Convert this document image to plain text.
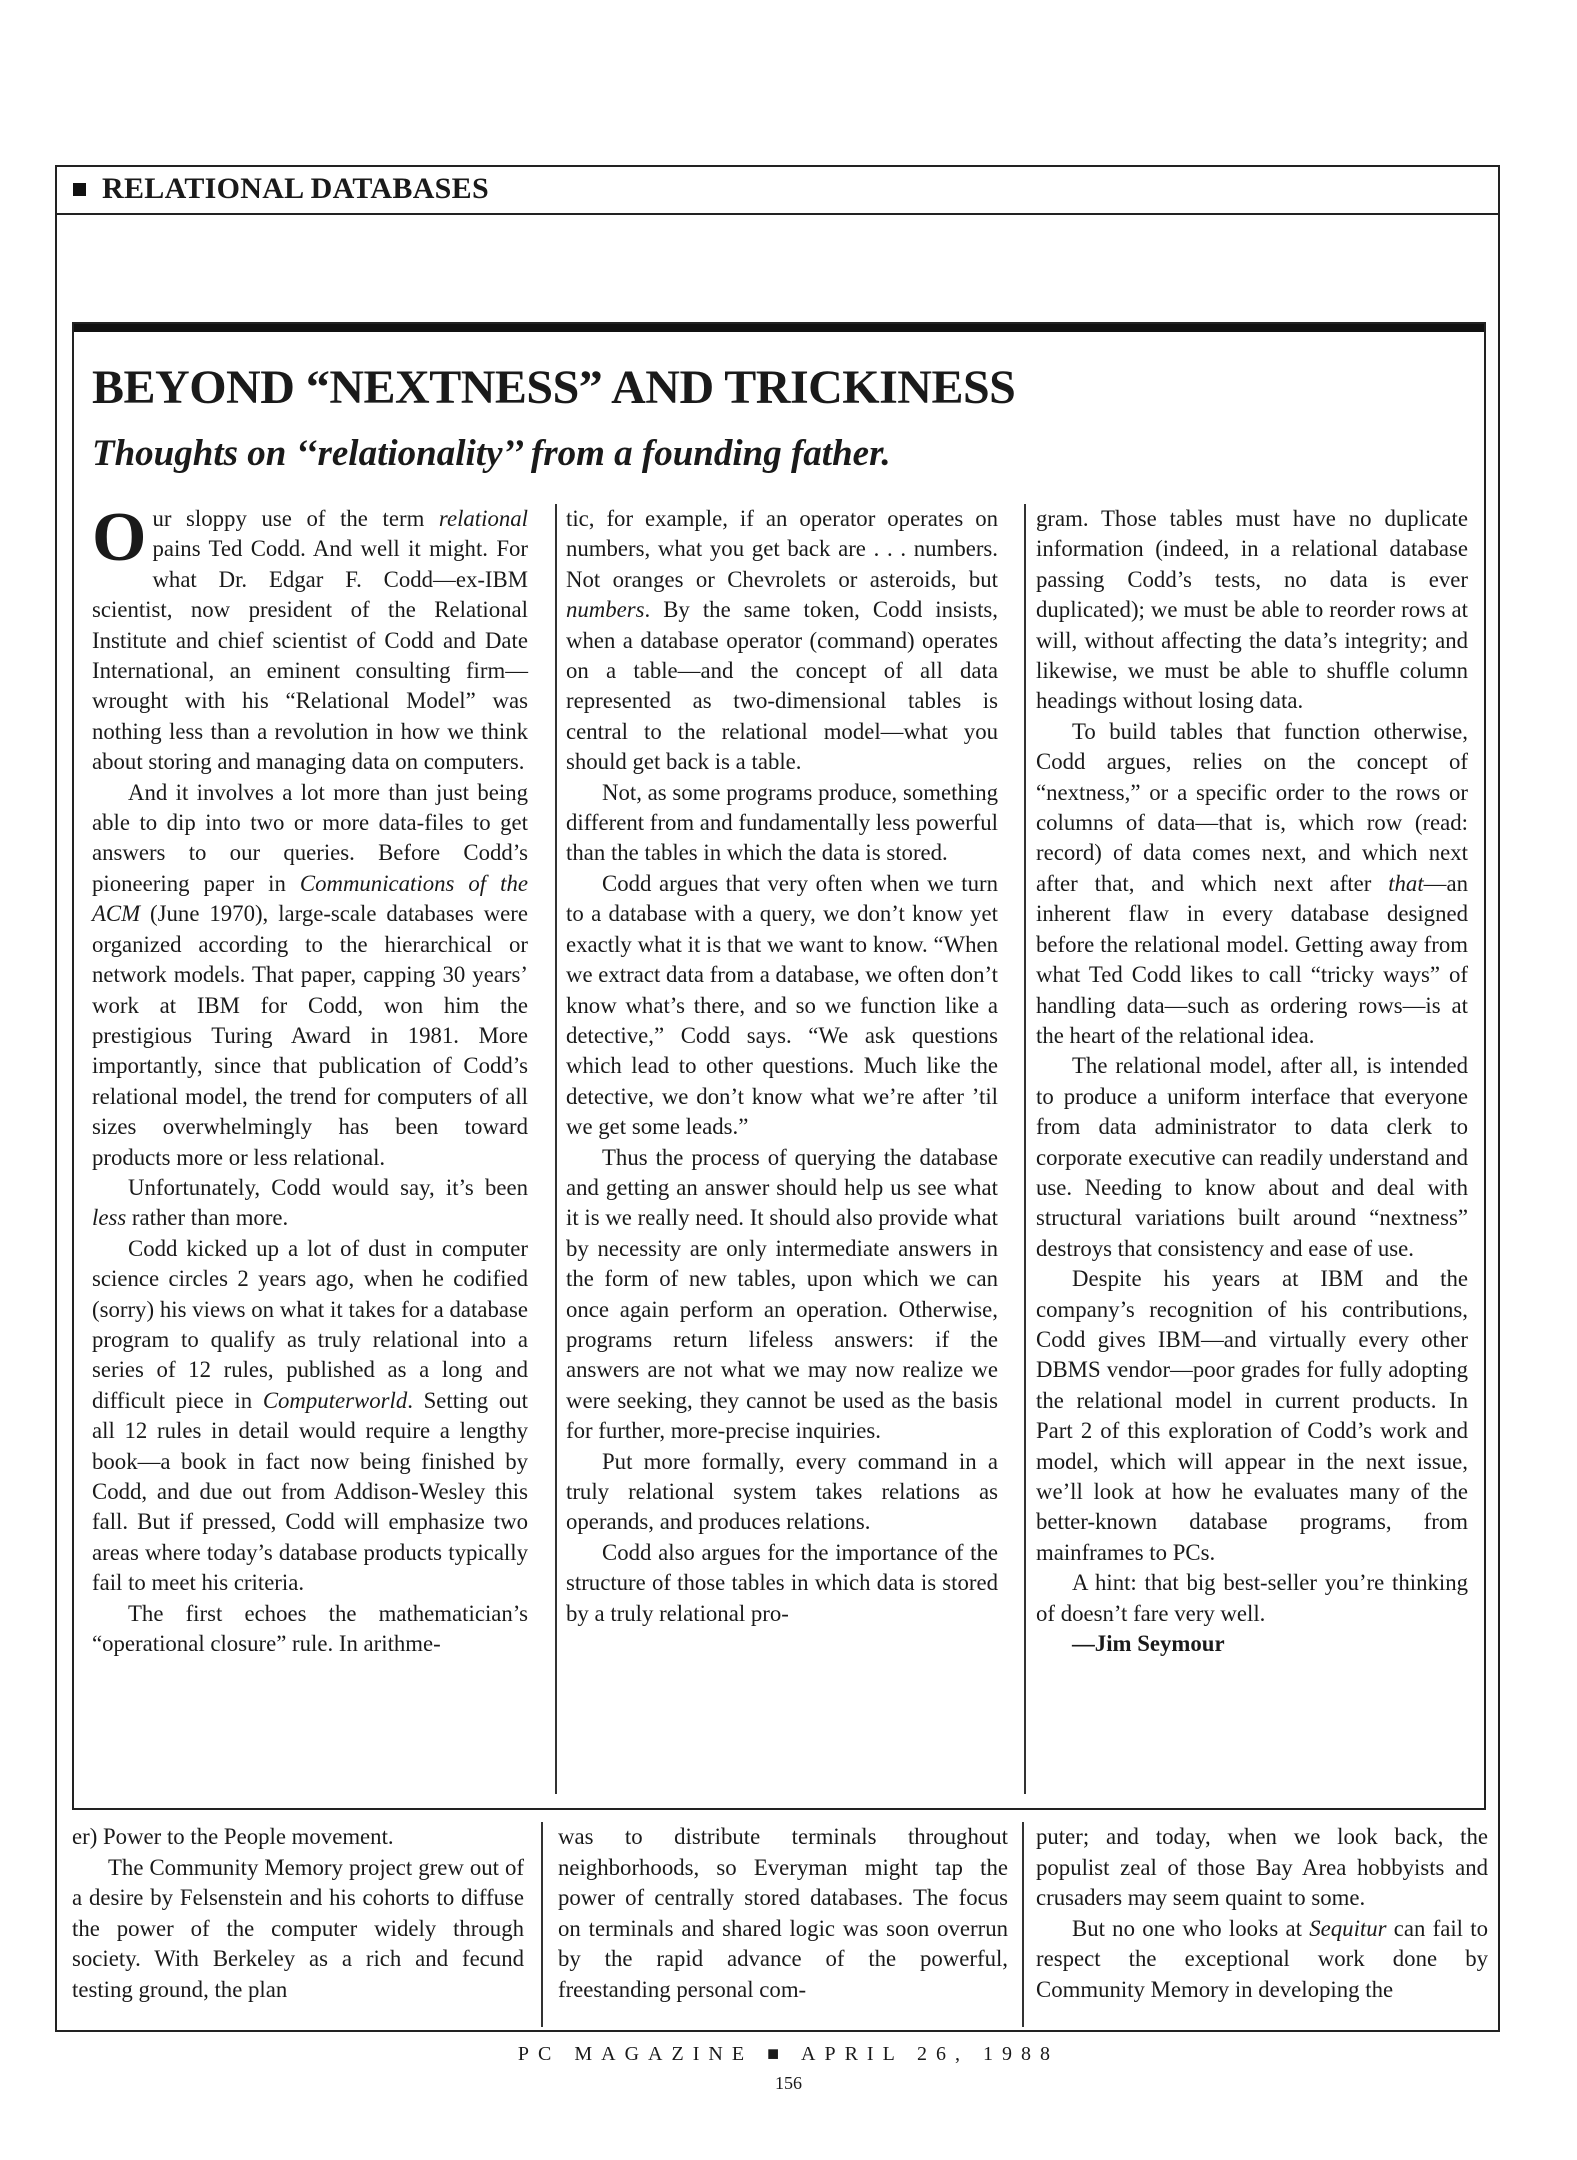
RELATIONAL DATABASES
BEYOND “NEXTNESS” AND TRICKINESS
Thoughts on ‘‘relationality’’ from a founding father.

Our sloppy use of the term relational pains Ted Codd. And well it might. For what Dr. Edgar F. Codd—ex-IBM scientist, now president of the Relational Institute and chief scientist of Codd and Date International, an eminent consulting firm—wrought with his “Relational Model” was nothing less than a revolution in how we think about storing and managing data on computers.

And it involves a lot more than just being able to dip into two or more data-files to get answers to our queries. Before Codd’s pioneering paper in Communications of the ACM (June 1970), large-scale databases were organized according to the hierarchical or network models. That paper, capping 30 years’ work at IBM for Codd, won him the prestigious Turing Award in 1981. More importantly, since that publication of Codd’s relational model, the trend for computers of all sizes overwhelmingly has been toward products more or less relational.

Unfortunately, Codd would say, it’s been less rather than more.

Codd kicked up a lot of dust in computer science circles 2 years ago, when he codified (sorry) his views on what it takes for a database program to qualify as truly relational into a series of 12 rules, published as a long and difficult piece in Computerworld. Setting out all 12 rules in detail would require a lengthy book—a book in fact now being finished by Codd, and due out from Addison-Wesley this fall. But if pressed, Codd will emphasize two areas where today’s database products typically fail to meet his criteria.

The first echoes the mathematician’s “operational closure” rule. In arithme-

tic, for example, if an operator operates on numbers, what you get back are . . . numbers. Not oranges or Chevrolets or asteroids, but numbers. By the same token, Codd insists, when a database operator (command) operates on a table—and the concept of all data represented as two-dimensional tables is central to the relational model—what you should get back is a table.

Not, as some programs produce, something different from and fundamentally less powerful than the tables in which the data is stored.

Codd argues that very often when we turn to a database with a query, we don’t know yet exactly what it is that we want to know. “When we extract data from a database, we often don’t know what’s there, and so we function like a detective,” Codd says. “We ask questions which lead to other questions. Much like the detective, we don’t know what we’re after ’til we get some leads.”

Thus the process of querying the database and getting an answer should help us see what it is we really need. It should also provide what by necessity are only intermediate answers in the form of new tables, upon which we can once again perform an operation. Otherwise, programs return lifeless answers: if the answers are not what we may now realize we were seeking, they cannot be used as the basis for further, more-precise inquiries.

Put more formally, every command in a truly relational system takes relations as operands, and produces relations.

Codd also argues for the importance of the structure of those tables in which data is stored by a truly relational pro-

gram. Those tables must have no duplicate information (indeed, in a relational database passing Codd’s tests, no data is ever duplicated); we must be able to reorder rows at will, without affecting the data’s integrity; and likewise, we must be able to shuffle column headings without losing data.

To build tables that function otherwise, Codd argues, relies on the concept of “nextness,” or a specific order to the rows or columns of data—that is, which row (read: record) of data comes next, and which next after that, and which next after that—an inherent flaw in every database designed before the relational model. Getting away from what Ted Codd likes to call “tricky ways” of handling data—such as ordering rows—is at the heart of the relational idea.

The relational model, after all, is intended to produce a uniform interface that everyone from data administrator to data clerk to corporate executive can readily understand and use. Needing to know about and deal with structural variations built around “nextness” destroys that consistency and ease of use.

Despite his years at IBM and the company’s recognition of his contributions, Codd gives IBM—and virtually every other DBMS vendor—poor grades for fully adopting the relational model in current products. In Part 2 of this exploration of Codd’s work and model, which will appear in the next issue, we’ll look at how he evaluates many of the better-known database programs, from mainframes to PCs.

A hint: that big best-seller you’re thinking of doesn’t fare very well.

—Jim Seymour

er) Power to the People movement.

The Community Memory project grew out of a desire by Felsenstein and his cohorts to diffuse the power of the computer widely through society. With Berkeley as a rich and fecund testing ground, the plan

was to distribute terminals throughout neighborhoods, so Everyman might tap the power of centrally stored databases. The focus on terminals and shared logic was soon overrun by the rapid advance of the powerful, freestanding personal com-

puter; and today, when we look back, the populist zeal of those Bay Area hobbyists and crusaders may seem quaint to some.

But no one who looks at Sequitur can fail to respect the exceptional work done by Community Memory in developing the

PC MAGAZINE ■ APRIL 26, 1988
156
